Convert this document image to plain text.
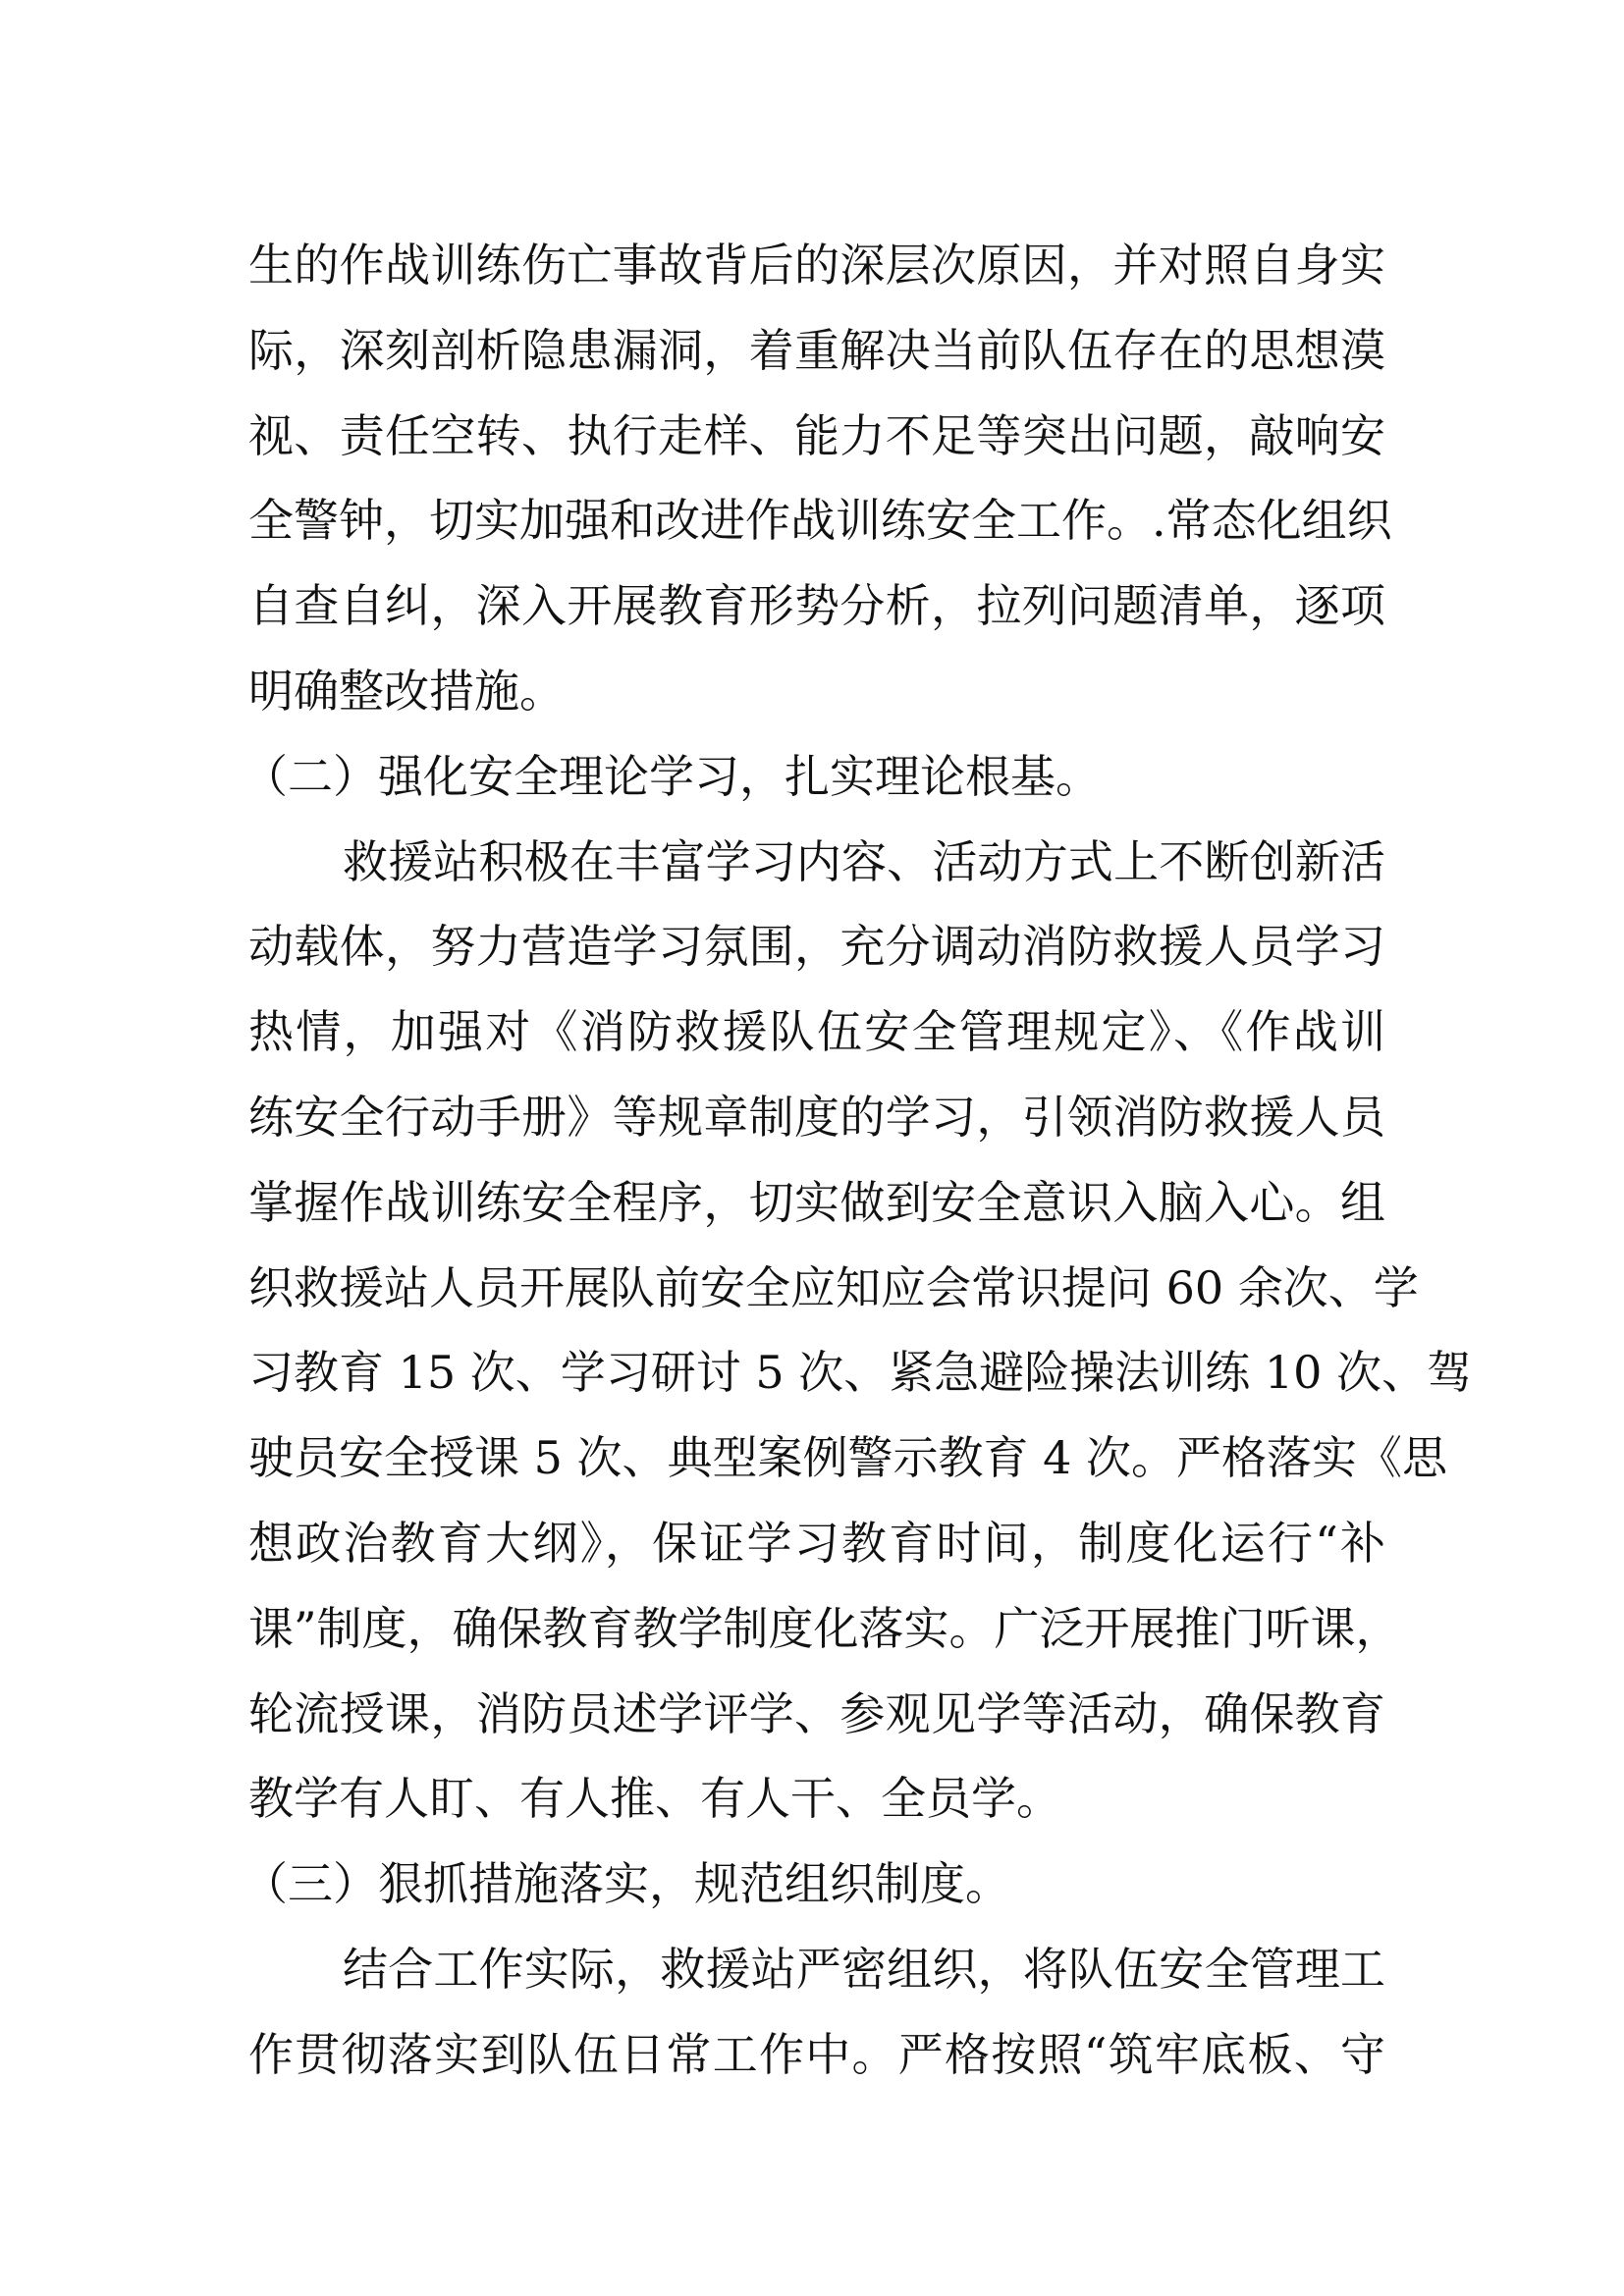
生的作战训练伤亡事故背后的深层次原因，并对照自身实
际，深刻剖析隐患漏洞，着重解决当前队伍存在的思想漠
视、责任空转、执行走样、能力不足等突出问题，敲响安
全警钟，切实加强和改进作战训练安全工作。.常态化组织
自查自纠，深入开展教育形势分析，拉列问题清单，逐项
明确整改措施。
（二）强化安全理论学习，扎实理论根基。
救援站积极在丰富学习内容、活动方式上不断创新活
动载体，努力营造学习氛围，充分调动消防救援人员学习
热情，加强对《消防救援队伍安全管理规定》、《作战训
练安全行动手册》等规章制度的学习，引领消防救援人员
掌握作战训练安全程序，切实做到安全意识入脑入心。组
织救援站人员开展队前安全应知应会常识提问 60 余次、学
习教育 15 次、学习研讨 5 次、紧急避险操法训练 10 次、驾
驶员安全授课 5 次、典型案例警示教育 4 次。严格落实《思
想政治教育大纲》，保证学习教育时间，制度化运行“补
课”制度，确保教育教学制度化落实。广泛开展推门听课，
轮流授课，消防员述学评学、参观见学等活动，确保教育
教学有人盯、有人推、有人干、全员学。
（三）狠抓措施落实，规范组织制度。
结合工作实际，救援站严密组织，将队伍安全管理工
作贯彻落实到队伍日常工作中。严格按照“筑牢底板、守
